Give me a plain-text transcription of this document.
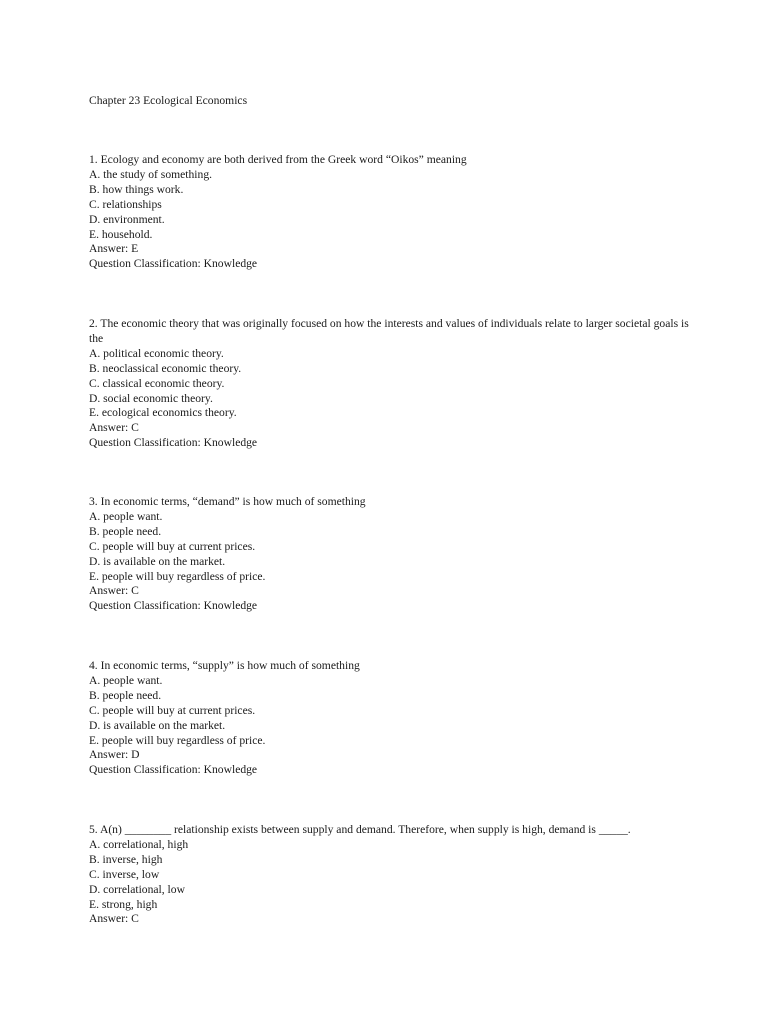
Chapter 23 Ecological Economics

1. Ecology and economy are both derived from the Greek word “Oikos” meaning
A. the study of something.
B. how things work.
C. relationships
D. environment.
E. household.
Answer: E
Question Classification: Knowledge
2. The economic theory that was originally focused on how the interests and values of individuals relate to larger societal goals is the
A. political economic theory.
B. neoclassical economic theory.
C. classical economic theory.
D. social economic theory.
E. ecological economics theory.
Answer: C
Question Classification: Knowledge
3. In economic terms, “demand” is how much of something
A. people want.
B. people need.
C. people will buy at current prices.
D. is available on the market.
E. people will buy regardless of price.
Answer: C
Question Classification: Knowledge
4. In economic terms, “supply” is how much of something
A. people want.
B. people need.
C. people will buy at current prices.
D. is available on the market.
E. people will buy regardless of price.
Answer: D
Question Classification: Knowledge
5. A(n) ________ relationship exists between supply and demand. Therefore, when supply is high, demand is _____.
A. correlational, high
B. inverse, high
C. inverse, low
D. correlational, low
E. strong, high
Answer: C
